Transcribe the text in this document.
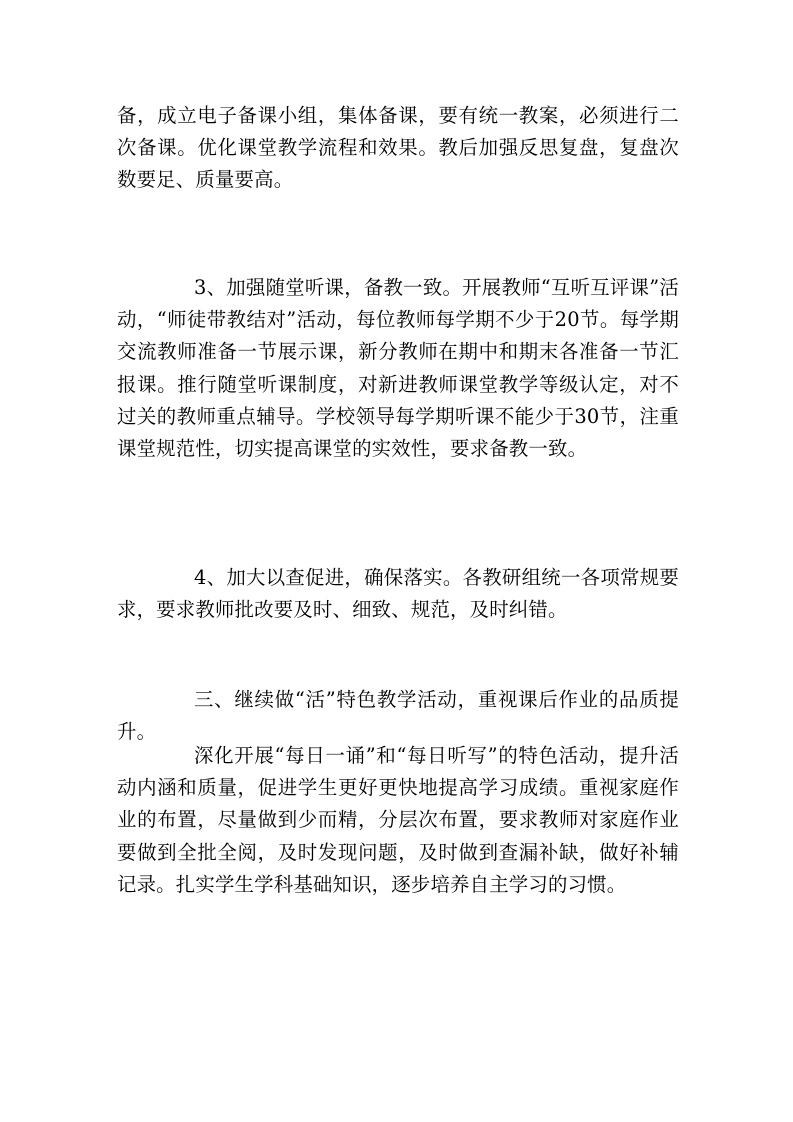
备，成立电子备课小组，集体备课，要有统一教案，必须进行二次备课。优化课堂教学流程和效果。教后加强反思复盘，复盘次数要足、质量要高。

3、加强随堂听课，备教一致。开展教师“互听互评课”活动，“师徒带教结对”活动，每位教师每学期不少于20节。每学期交流教师准备一节展示课，新分教师在期中和期末各准备一节汇报课。推行随堂听课制度，对新进教师课堂教学等级认定，对不过关的教师重点辅导。学校领导每学期听课不能少于30节，注重课堂规范性，切实提高课堂的实效性，要求备教一致。

4、加大以查促进，确保落实。各教研组统一各项常规要求，要求教师批改要及时、细致、规范，及时纠错。

三、继续做“活”特色教学活动，重视课后作业的品质提升。

深化开展“每日一诵”和“每日听写”的特色活动，提升活动内涵和质量，促进学生更好更快地提高学习成绩。重视家庭作业的布置，尽量做到少而精，分层次布置，要求教师对家庭作业要做到全批全阅，及时发现问题，及时做到查漏补缺，做好补辅记录。扎实学生学科基础知识，逐步培养自主学习的习惯。
